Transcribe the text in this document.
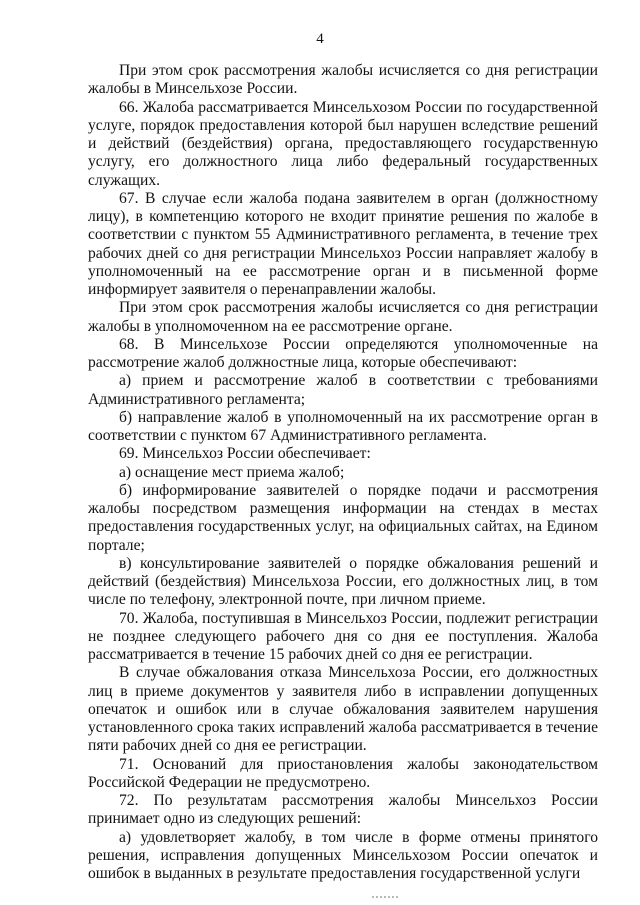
4

При этом срок рассмотрения жалобы исчисляется со дня регистрации жалобы в Минсельхозе России.

66. Жалоба рассматривается Минсельхозом России по государственной услуге, порядок предоставления которой был нарушен вследствие решений и действий (бездействия) органа, предоставляющего государственную услугу, его должностного лица либо федеральный государственных служащих.

67. В случае если жалоба подана заявителем в орган (должностному лицу), в компетенцию которого не входит принятие решения по жалобе в соответствии с пунктом 55 Административного регламента, в течение трех рабочих дней со дня регистрации Минсельхоз России направляет жалобу в уполномоченный на ее рассмотрение орган и в письменной форме информирует заявителя о перенаправлении жалобы.

При этом срок рассмотрения жалобы исчисляется со дня регистрации жалобы в уполномоченном на ее рассмотрение органе.

68. В Минсельхозе России определяются уполномоченные на рассмотрение жалоб должностные лица, которые обеспечивают:

а) прием и рассмотрение жалоб в соответствии с требованиями Административного регламента;

б) направление жалоб в уполномоченный на их рассмотрение орган в соответствии с пунктом 67 Административного регламента.

69. Минсельхоз России обеспечивает:

а) оснащение мест приема жалоб;

б) информирование заявителей о порядке подачи и рассмотрения жалобы посредством размещения информации на стендах в местах предоставления государственных услуг, на официальных сайтах, на Едином портале;

в) консультирование заявителей о порядке обжалования решений и действий (бездействия) Минсельхоза России, его должностных лиц, в том числе по телефону, электронной почте, при личном приеме.

70. Жалоба, поступившая в Минсельхоз России, подлежит регистрации не позднее следующего рабочего дня со дня ее поступления. Жалоба рассматривается в течение 15 рабочих дней со дня ее регистрации.

В случае обжалования отказа Минсельхоза России, его должностных лиц в приеме документов у заявителя либо в исправлении допущенных опечаток и ошибок или в случае обжалования заявителем нарушения установленного срока таких исправлений жалоба рассматривается в течение пяти рабочих дней со дня ее регистрации.

71. Оснований для приостановления жалобы законодательством Российской Федерации не предусмотрено.

72. По результатам рассмотрения жалобы Минсельхоз России принимает одно из следующих решений:

а) удовлетворяет жалобу, в том числе в форме отмены принятого решения, исправления допущенных Минсельхозом России опечаток и ошибок в выданных в результате предоставления государственной услуги
